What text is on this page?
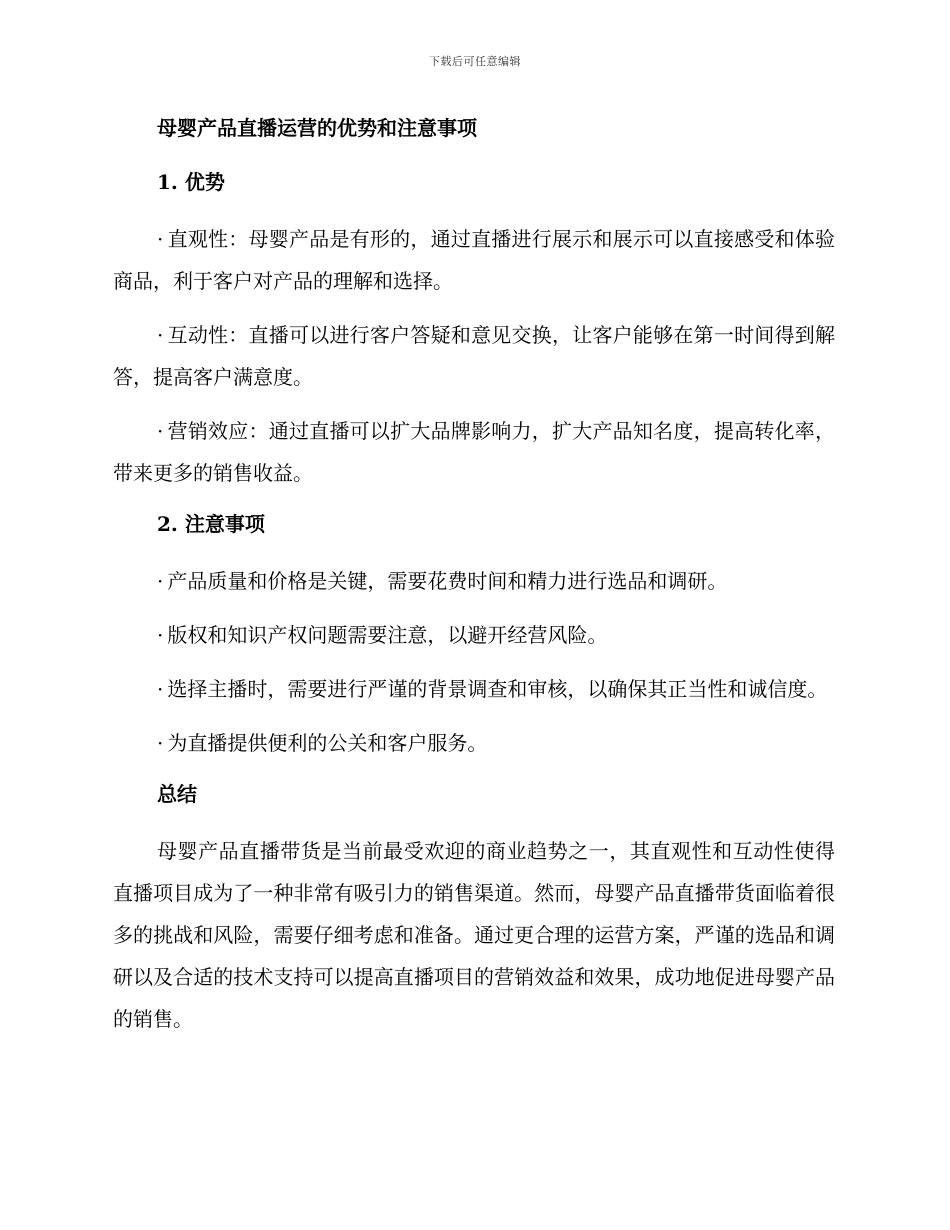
下载后可任意编辑
母婴产品直播运营的优势和注意事项
1. 优势

· 直观性：母婴产品是有形的，通过直播进行展示和展示可以直接感受和体验商品，利于客户对产品的理解和选择。

· 互动性：直播可以进行客户答疑和意见交换，让客户能够在第一时间得到解答，提高客户满意度。

· 营销效应：通过直播可以扩大品牌影响力，扩大产品知名度，提高转化率，带来更多的销售收益。

2. 注意事项

· 产品质量和价格是关键，需要花费时间和精力进行选品和调研。

· 版权和知识产权问题需要注意，以避开经营风险。

· 选择主播时，需要进行严谨的背景调查和审核，以确保其正当性和诚信度。

· 为直播提供便利的公关和客户服务。

总结

母婴产品直播带货是当前最受欢迎的商业趋势之一，其直观性和互动性使得直播项目成为了一种非常有吸引力的销售渠道。然而，母婴产品直播带货面临着很多的挑战和风险，需要仔细考虑和准备。通过更合理的运营方案，严谨的选品和调研以及合适的技术支持可以提高直播项目的营销效益和效果，成功地促进母婴产品的销售。
